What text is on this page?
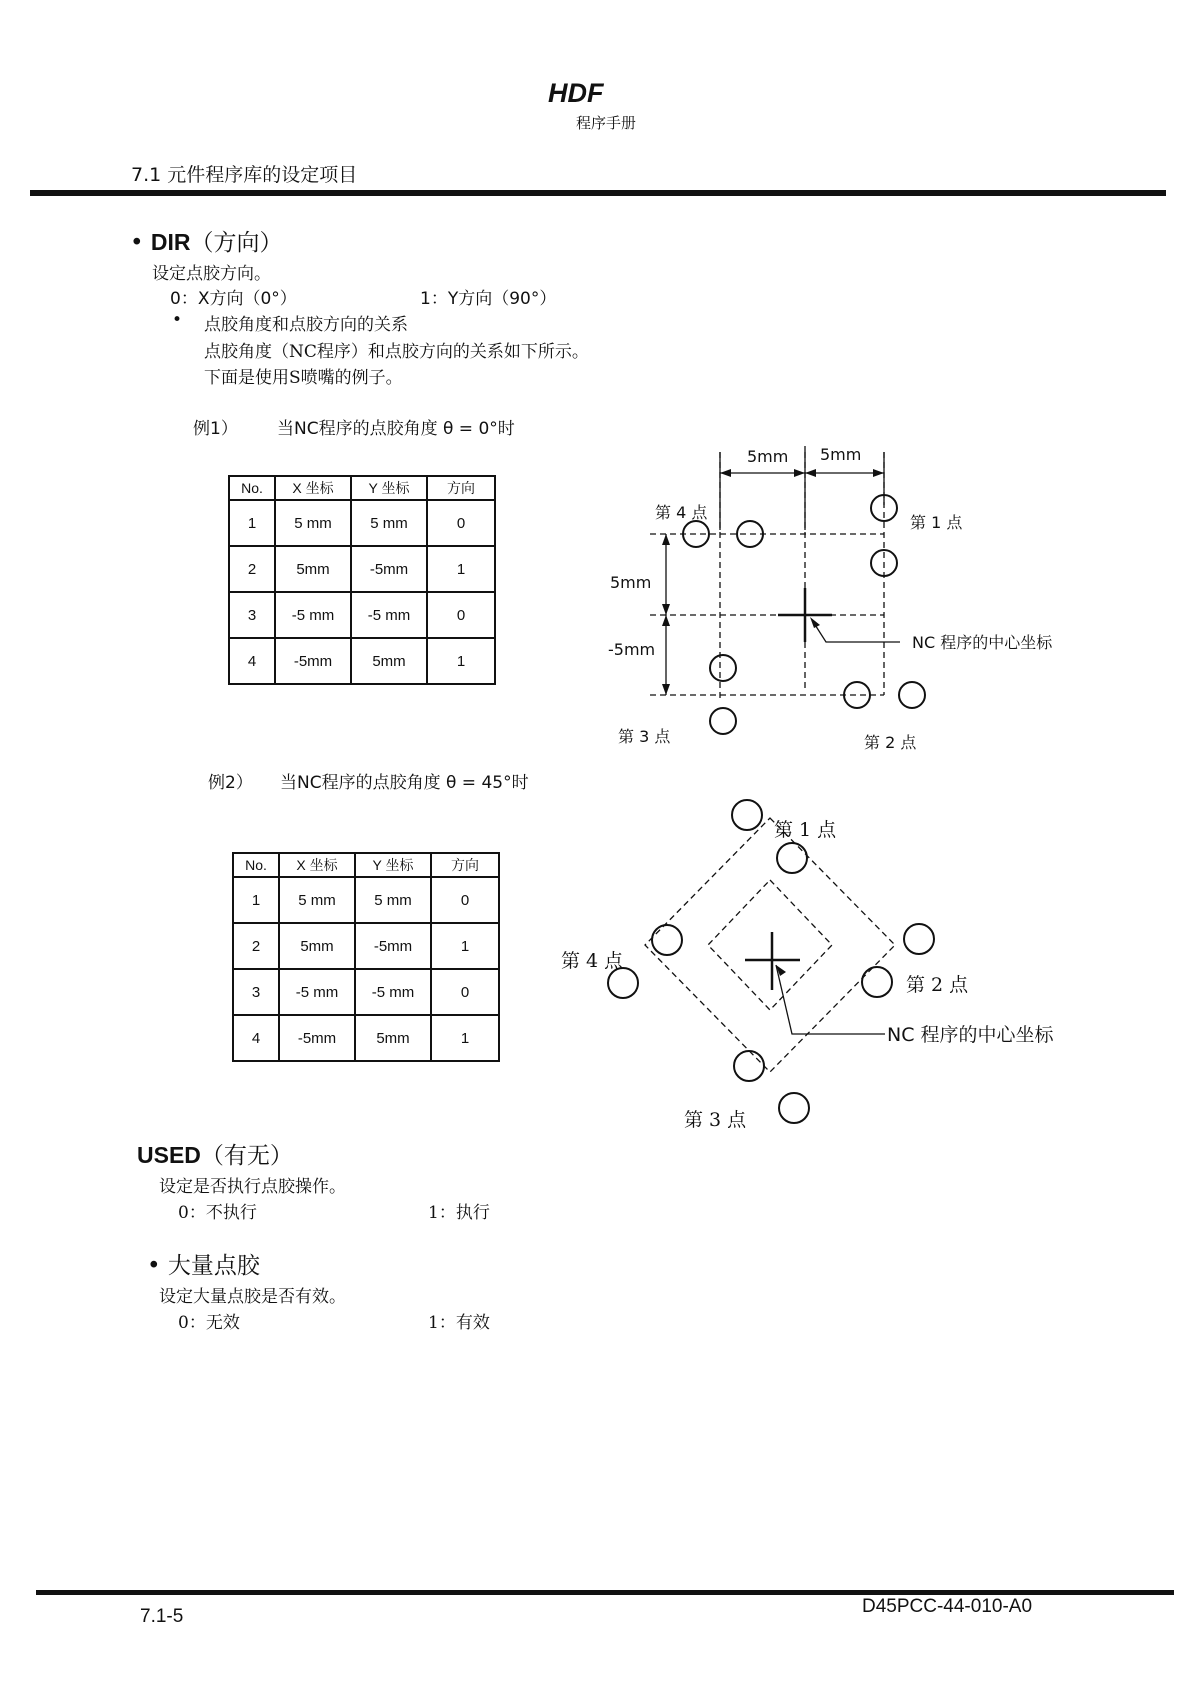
HDF
程序手册
7.1 元件程序库的设定项目
• DIR（方向）
设定点胶方向。
0：X方向（0°）	1：Y方向（90°）
• 点胶角度和点胶方向的关系
点胶角度（NC程序）和点胶方向的关系如下所示。
下面是使用S喷嘴的例子。
例1） 当NC程序的点胶角度 θ = 0°时
No.	X 坐标	Y 坐标	方向
1	5 mm	5 mm	0
2	5mm	-5mm	1
3	-5 mm	-5 mm	0
4	-5mm	5mm	1
5mm 5mm
5mm
-5mm
第 1 点
第 2 点
第 3 点
第 4 点
NC 程序的中心坐标
例2） 当NC程序的点胶角度 θ = 45°时
No.	X 坐标	Y 坐标	方向
1	5 mm	5 mm	0
2	5mm	-5mm	1
3	-5 mm	-5 mm	0
4	-5mm	5mm	1
第 1 点
第 2 点
第 3 点
第 4 点
NC 程序的中心坐标
USED（有无）
设定是否执行点胶操作。
0：不执行	1：执行
• 大量点胶
设定大量点胶是否有效。
0：无效	1：有效
7.1-5	D45PCC-44-010-A0
